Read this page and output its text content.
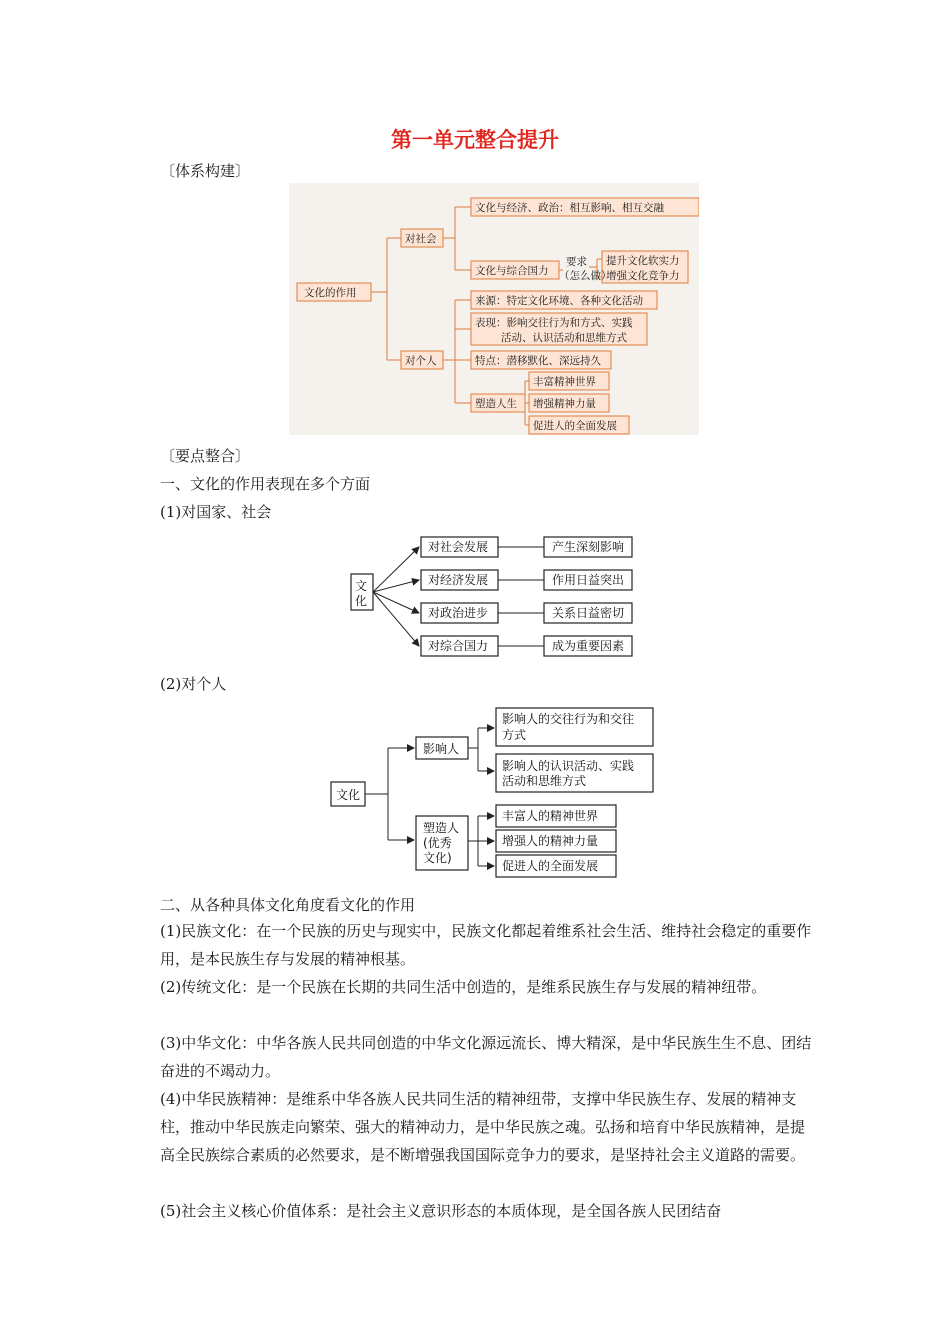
第一单元整合提升
〔体系构建〕
文化的作用
对社会
对个人
文化与经济、政治：相互影响、相互交融
文化与综合国力
要求
（怎么做）
提升文化软实力
增强文化竞争力
来源：特定文化环境、各种文化活动
表现：影响交往行为和方式、实践
活动、认识活动和思维方式
特点：潜移默化、深远持久
塑造人生
丰富精神世界
增强精神力量
促进人的全面发展
〔要点整合〕
一、文化的作用表现在多个方面
(1)对国家、社会
文
化
对社会发展
对经济发展
对政治进步
对综合国力
产生深刻影响
作用日益突出
关系日益密切
成为重要因素
(2)对个人
文化
影响人
塑造人
(优秀
文化)
影响人的交往行为和交往
方式
影响人的认识活动、实践
活动和思维方式
丰富人的精神世界
增强人的精神力量
促进人的全面发展
二、从各种具体文化角度看文化的作用
(1)民族文化：在一个民族的历史与现实中，民族文化都起着维系社会生活、维持社会稳定的重要作用，是本民族生存与发展的精神根基。
(2)传统文化：是一个民族在长期的共同生活中创造的，是维系民族生存与发展的精神纽带。
(3)中华文化：中华各族人民共同创造的中华文化源远流长、博大精深，是中华民族生生不息、团结奋进的不竭动力。
(4)中华民族精神：是维系中华各族人民共同生活的精神纽带，支撑中华民族生存、发展的精神支柱，推动中华民族走向繁荣、强大的精神动力，是中华民族之魂。弘扬和培育中华民族精神，是提高全民族综合素质的必然要求，是不断增强我国国际竞争力的要求，是坚持社会主义道路的需要。
(5)社会主义核心价值体系：是社会主义意识形态的本质体现，是全国各族人民团结奋
